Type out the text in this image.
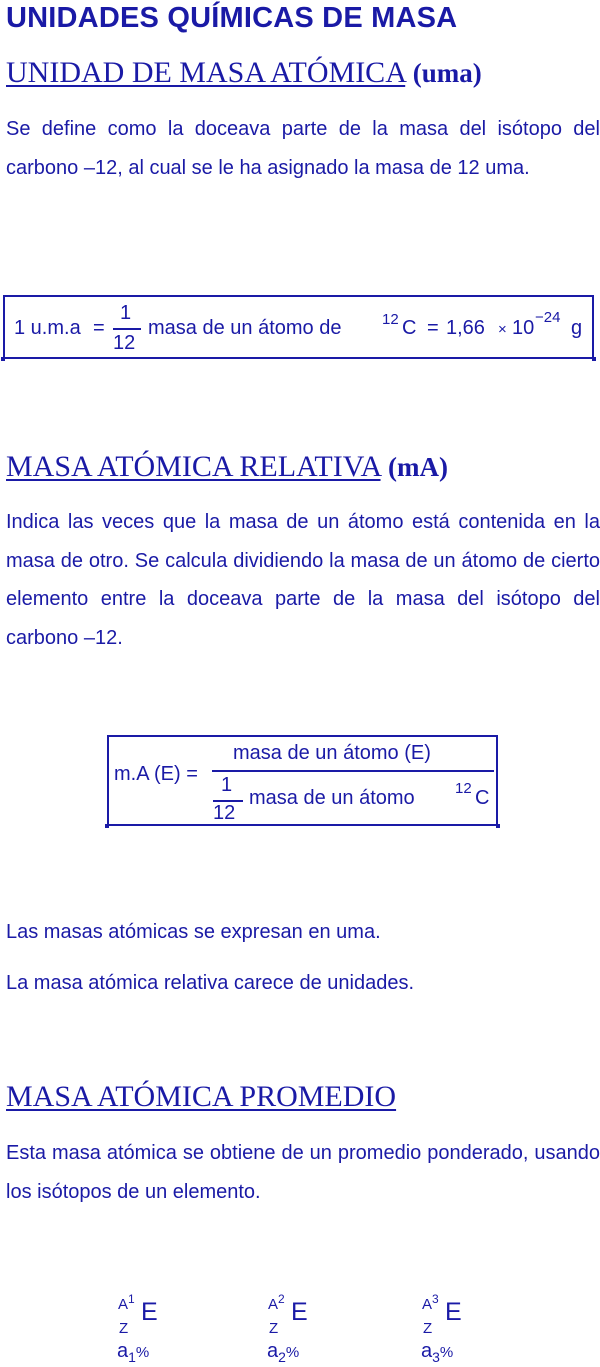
UNIDADES QUÍMICAS DE MASA
UNIDAD DE MASA ATÓMICA (uma)
Se define como la doceava parte de la masa del isótopo del carbono –12, al cual se le ha asignado la masa de 12 uma.
1 u.m.a =
1
12
masa de un átomo de	12 C = 1,66 × 10 −24 g
MASA ATÓMICA RELATIVA (mA)
Indica las veces que la masa de un átomo está contenida en la masa de otro. Se calcula dividiendo la masa de un átomo de cierto elemento entre la doceava parte de la masa del isótopo del carbono –12.
m.A (E) =
masa de un átomo (E)
1
12
masa de un átomo	12 C
Las masas atómicas se expresan en uma.
La masa atómica relativa carece de unidades.
MASA ATÓMICA PROMEDIO
Esta masa atómica se obtiene de un promedio ponderado, usando los isótopos de un elemento.
$A^1$ E
Z
$a_1\%$
$A^2$ E
Z
$a_2\%$
$A^3$ E
Z
$a_3\%$
